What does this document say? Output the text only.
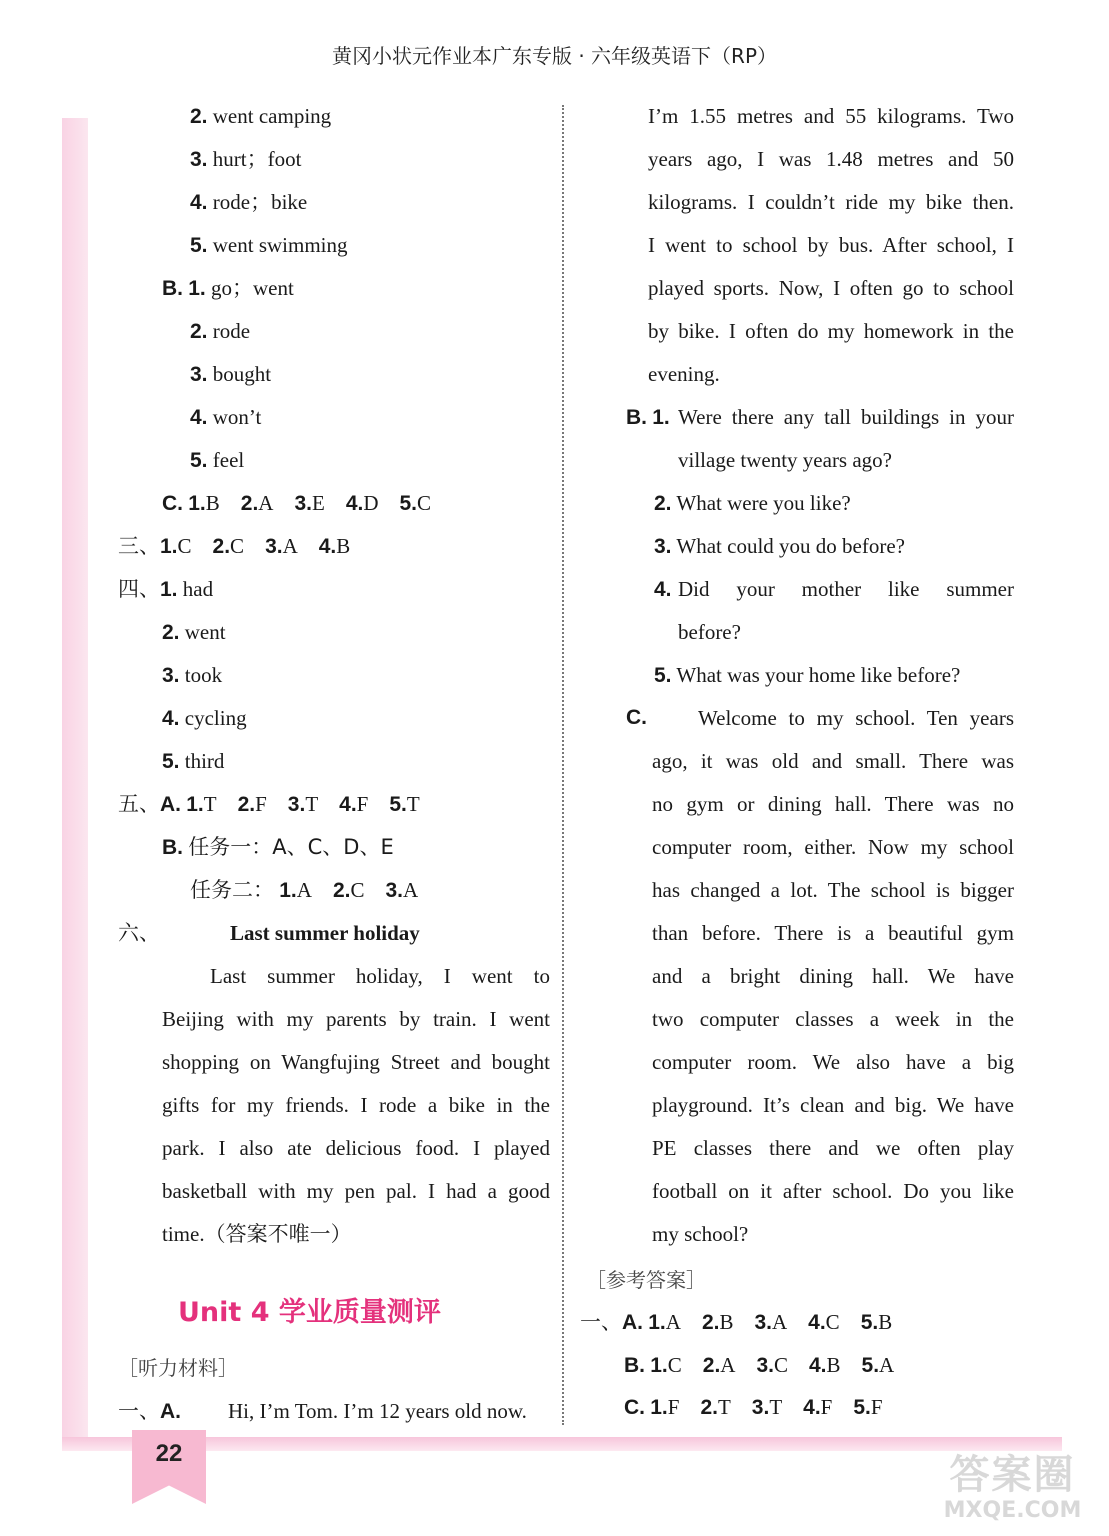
22
黄冈小状元作业本广东专版 · 六年级英语下（RP）
2. went camping
3. hurt；foot
4. rode；bike
5. went swimming
B. 1. go；went
2. rode
3. bought
4. won’t
5. feel
C. 1.B 2.A 3.E 4.D 5.C
三、1.C 2.C 3.A 4.B
四、1. had
2. went
3. took
4. cycling
5. third
五、A. 1.T 2.F 3.T 4.F 5.T
B. 任务一：A、C、D、E
任务二： 1.A 2.C 3.A
六、	Last summer holiday
Last summer holiday, I went to
Beijing with my parents by train. I went
shopping on Wangfujing Street and bought
gifts for my friends. I rode a bike in the
park. I also ate delicious food. I played
basketball with my pen pal. I had a good
time.（答案不唯一）
Unit 4 学业质量测评
［听力材料］
一、A. Hi, I’m Tom. I’m 12 years old now.
I’m 1.55 metres and 55 kilograms. Two
years ago, I was 1.48 metres and 50
kilograms. I couldn’t ride my bike then.
I went to school by bus. After school, I
played sports. Now, I often go to school
by bike. I often do my homework in the
evening.
B. 1. Were there any tall buildings in your
village twenty years ago?
2. What were you like?
3. What could you do before?
4. Did your mother like summer
before?
5. What was your home like before?
C. Welcome to my school. Ten years
ago, it was old and small. There was
no gym or dining hall. There was no
computer room, either. Now my school
has changed a lot. The school is bigger
than before. There is a beautiful gym
and a bright dining hall. We have
two computer classes a week in the
computer room. We also have a big
playground. It’s clean and big. We have
PE classes there and we often play
football on it after school. Do you like
my school?
［参考答案］
一、A. 1.A 2.B 3.A 4.C 5.B
B. 1.C 2.A 3.C 4.B 5.A
C. 1.F 2.T 3.T 4.F 5.F
答案圈
MXQE.COM
